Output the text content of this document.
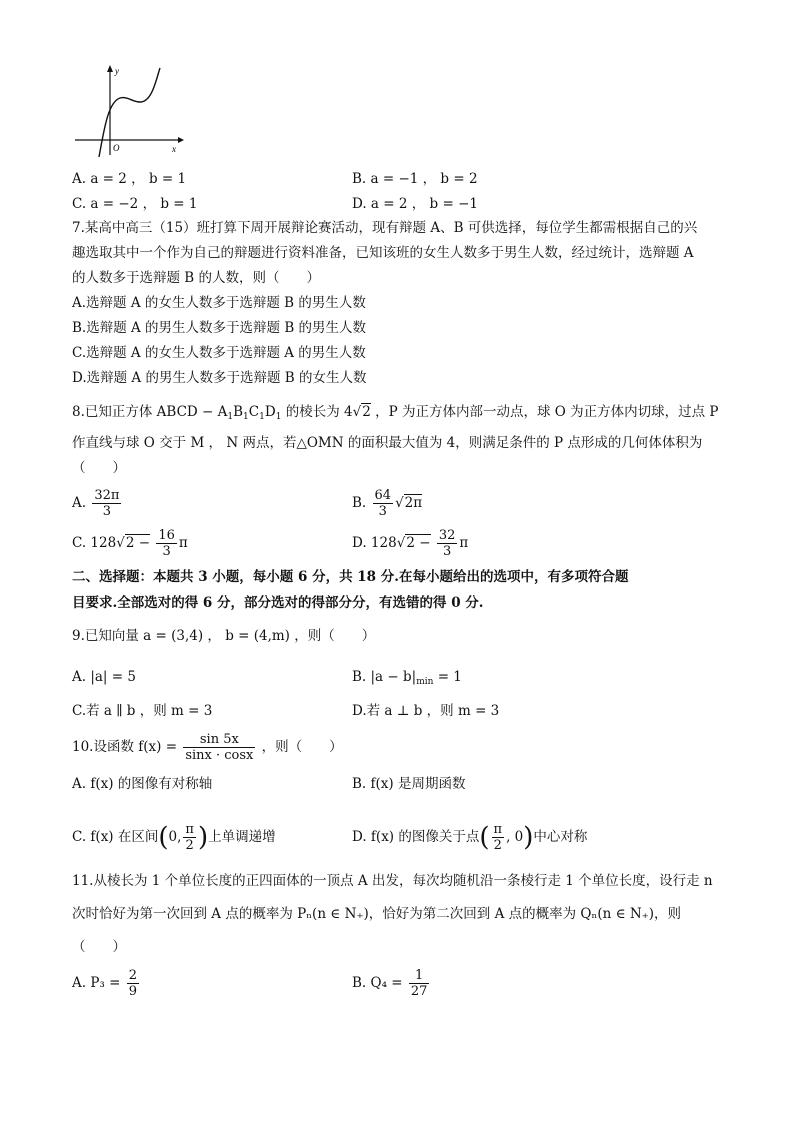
y
x
O
A. a = 2 ， b = 1	B. a = −1 ， b = 2
C. a = −2 ， b = 1	D. a = 2 ， b = −1
7.某高中高三（15）班打算下周开展辩论赛活动，现有辩题 A、B 可供选择，每位学生都需根据自己的兴
趣选取其中一个作为自己的辩题进行资料准备，已知该班的女生人数多于男生人数，经过统计，选辩题 A
的人数多于选辩题 B 的人数，则（　　）
A.选辩题 A 的女生人数多于选辩题 B 的男生人数
B.选辩题 A 的男生人数多于选辩题 B 的男生人数
C.选辩题 A 的女生人数多于选辩题 A 的男生人数
D.选辩题 A 的男生人数多于选辩题 B 的女生人数
8.已知正方体 ABCD − $A_1B_1C_1D_1$ 的棱长为 4√2 ，P 为正方体内部一动点，球 O 为正方体内切球，过点 P
作直线与球 O 交于 M ， N 两点，若△OMN 的面积最大值为 4，则满足条件的 P 点形成的几何体体积为
（　　）
A. $\frac{32\pi}{3}$	B. $\frac{64}{3} √2\pi$
C. $128√2 - \frac{16}{3}$ π	D. $128√2 - \frac{32}{3}$ π
二、选择题：本题共 3 小题，每小题 6 分，共 18 分.在每小题给出的选项中，有多项符合题
目要求.全部选对的得 6 分，部分选对的得部分分，有选错的得 0 分.
9.已知向量 a = (3,4) ， b = (4,m) ，则（　　）
A. |a| = 5	B. $|a - b|_{min} = 1$
C.若 a ∥ b ，则 m = 3	D.若 a ⊥ b ，则 m = 3
10.设函数 $f(x) = \frac{\sin 5x}{\sin x \cdot \cos x}$ ，则（　　）
A. f(x) 的图像有对称轴	B. f(x) 是周期函数
C. f(x) 在区间(0, $\frac{\pi}{2}$ )上单调递增	D. f(x) 的图像关于点( $\frac{\pi}{2}$ , 0)中心对称
11.从棱长为 1 个单位长度的正四面体的一顶点 A 出发，每次均随机沿一条棱行走 1 个单位长度，设行走 n
次时恰好为第一次回到 A 点的概率为 Pₙ(n ∈ N₊)，恰好为第二次回到 A 点的概率为 Qₙ(n ∈ N₊)，则
（　　）
A. $P_3 = \frac{2}{9}$	B. $Q_4 = \frac{1}{27}$
